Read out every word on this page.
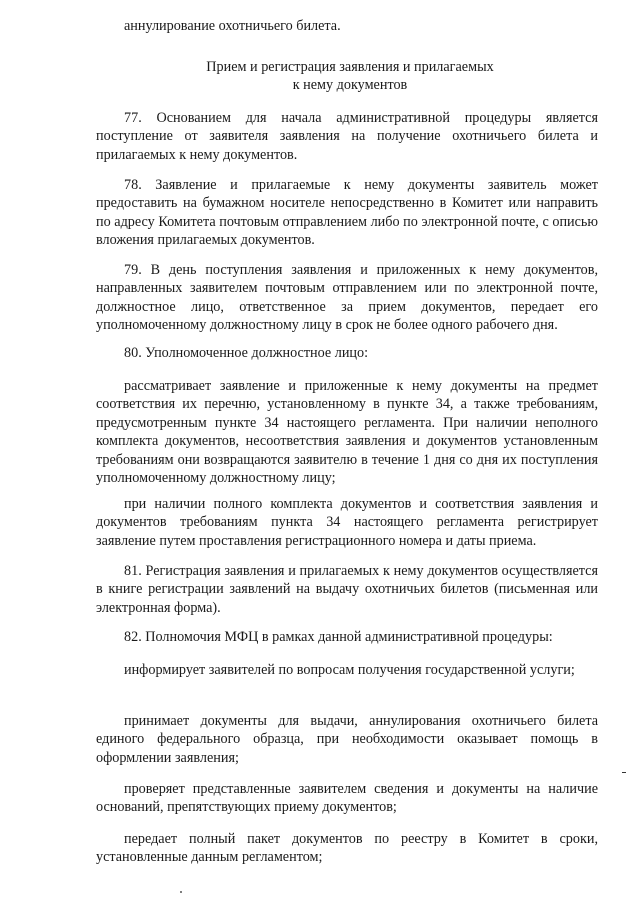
аннулирование охотничьего билета.

Прием и регистрация заявления и прилагаемых

к нему документов

77. Основанием для начала административной процедуры является поступление от заявителя заявления на получение охотничьего билета и прилагаемых к нему документов.

78. Заявление и прилагаемые к нему документы заявитель может предоставить на бумажном носителе непосредственно в Комитет или направить по адресу Комитета почтовым отправлением либо по электронной почте, с описью вложения прилагаемых документов.

79. В день поступления заявления и приложенных к нему документов, направленных заявителем почтовым отправлением или по электронной почте, должностное лицо, ответственное за прием документов, передает его уполномоченному должностному лицу в срок не более одного рабочего дня.

80. Уполномоченное должностное лицо:

рассматривает заявление и приложенные к нему документы на предмет соответствия их перечню, установленному в пункте 34, а также требованиям, предусмотренным пункте 34 настоящего регламента. При наличии неполного комплекта документов, несоответствия заявления и документов установленным требованиям они возвращаются заявителю в течение 1 дня со дня их поступления уполномоченному должностному лицу;

при наличии полного комплекта документов и соответствия заявления и документов требованиям пункта 34 настоящего регламента регистрирует заявление путем проставления регистрационного номера и даты приема.

81. Регистрация заявления и прилагаемых к нему документов осуществляется в книге регистрации заявлений на выдачу охотничьих билетов (письменная или электронная форма).

82. Полномочия МФЦ в рамках данной административной процедуры:

информирует заявителей по вопросам получения государственной услуги;

принимает документы для выдачи, аннулирования охотничьего билета единого федерального образца, при необходимости оказывает помощь в оформлении заявления;

проверяет представленные заявителем сведения и документы на наличие оснований, препятствующих приему документов;

передает полный пакет документов по реестру в Комитет в сроки, установленные данным регламентом;
